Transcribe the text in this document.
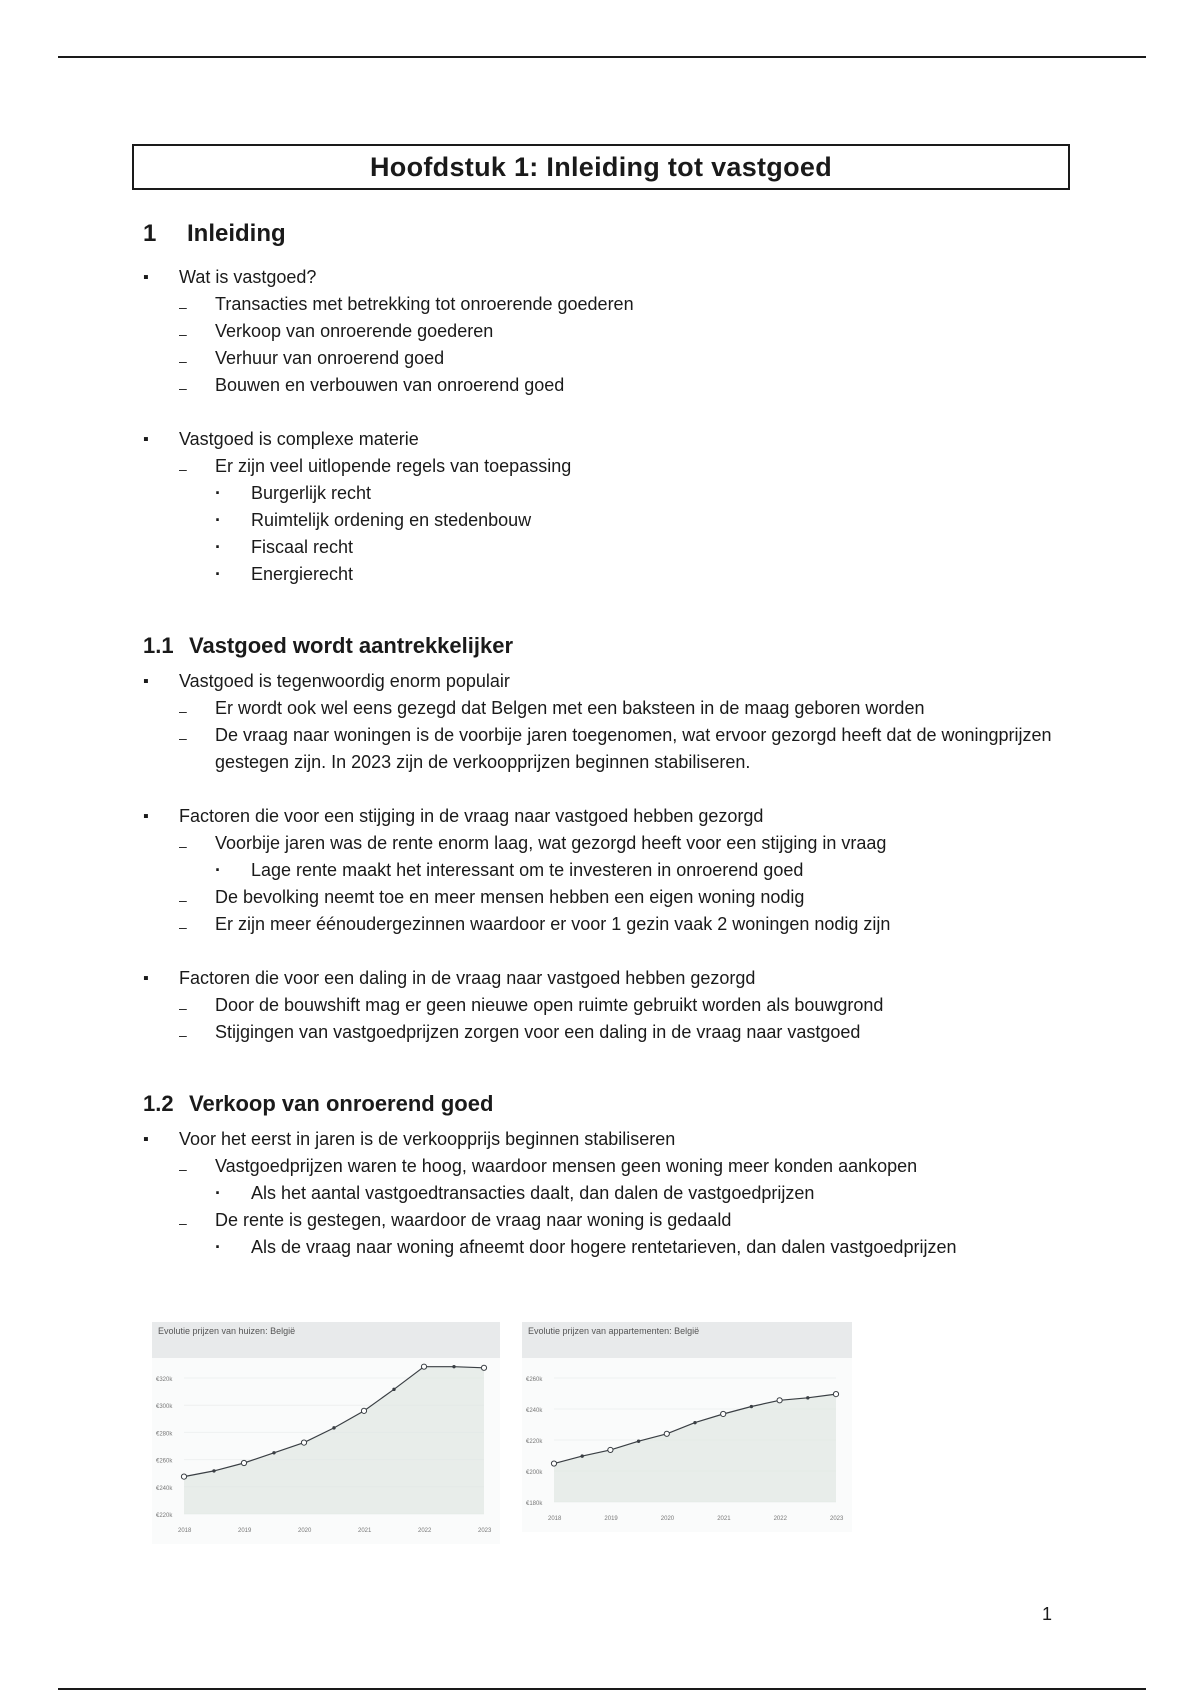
Hoofdstuk 1: Inleiding tot vastgoed
1	Inleiding
▪ Wat is vastgoed?
– Transacties met betrekking tot onroerende goederen
– Verkoop van onroerende goederen
– Verhuur van onroerend goed
– Bouwen en verbouwen van onroerend goed
▪ Vastgoed is complexe materie
– Er zijn veel uitlopende regels van toepassing
· Burgerlijk recht
· Ruimtelijk ordening en stedenbouw
· Fiscaal recht
· Energierecht
1.1 Vastgoed wordt aantrekkelijker
▪ Vastgoed is tegenwoordig enorm populair
– Er wordt ook wel eens gezegd dat Belgen met een baksteen in de maag geboren worden
– De vraag naar woningen is de voorbije jaren toegenomen, wat ervoor gezorgd heeft dat de woningprijzen gestegen zijn. In 2023 zijn de verkoopprijzen beginnen stabiliseren.
▪ Factoren die voor een stijging in de vraag naar vastgoed hebben gezorgd
– Voorbije jaren was de rente enorm laag, wat gezorgd heeft voor een stijging in vraag
· Lage rente maakt het interessant om te investeren in onroerend goed
– De bevolking neemt toe en meer mensen hebben een eigen woning nodig
– Er zijn meer éénoudergezinnen waardoor er voor 1 gezin vaak 2 woningen nodig zijn
▪ Factoren die voor een daling in de vraag naar vastgoed hebben gezorgd
– Door de bouwshift mag er geen nieuwe open ruimte gebruikt worden als bouwgrond
– Stijgingen van vastgoedprijzen zorgen voor een daling in de vraag naar vastgoed
1.2 Verkoop van onroerend goed
▪ Voor het eerst in jaren is de verkoopprijs beginnen stabiliseren
– Vastgoedprijzen waren te hoog, waardoor mensen geen woning meer konden aankopen
· Als het aantal vastgoedtransacties daalt, dan dalen de vastgoedprijzen
– De rente is gestegen, waardoor de vraag naar woning is gedaald
· Als de vraag naar woning afneemt door hogere rentetarieven, dan dalen vastgoedprijzen
Evolutie prijzen van huizen: België
€220k
€240k
€260k
€280k
€300k
€320k
2018	2019	2020	2021	2022	2023
Evolutie prijzen van appartementen: België
€180k
€200k
€220k
€240k
€260k
2018	2019	2020	2021	2022	2023
1
